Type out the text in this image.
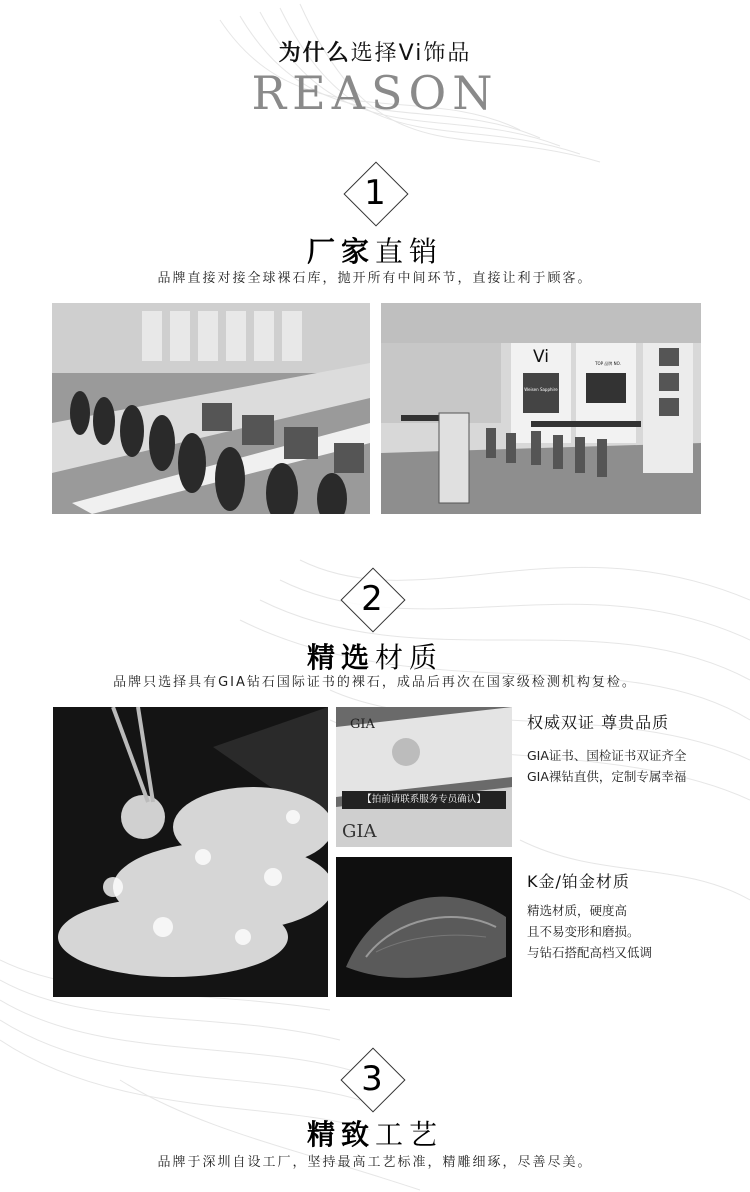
为什么选择Vi饰品
REASON
1
厂家直销
品牌直接对接全球裸石库，抛开所有中间环节，直接让利于顾客。
Vi
Weisen Sapphire
TOP 品牌 NO.
2
精选材质
品牌只选择具有GIA钻石国际证书的裸石，成品后再次在国家级检测机构复检。
GIA
【拍前请联系服务专员确认】
GIA
权威双证 尊贵品质
GIA证书、国检证书双证齐全
GIA裸钻直供，定制专属幸福
K金/铂金材质
精选材质，硬度高
且不易变形和磨损。
与钻石搭配高档又低调
3
精致工艺
品牌于深圳自设工厂，坚持最高工艺标准，精雕细琢，尽善尽美。
